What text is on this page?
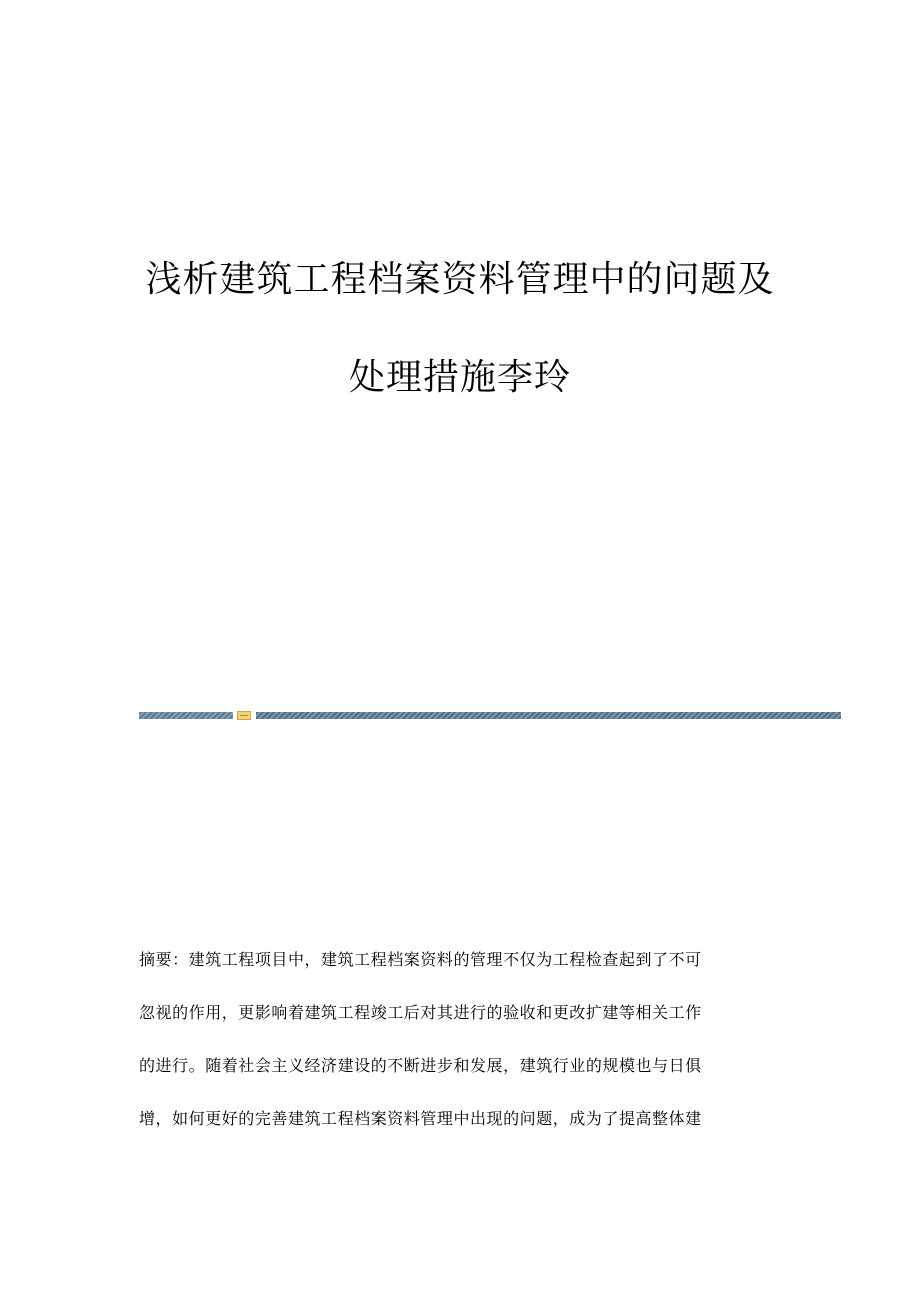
浅析建筑工程档案资料管理中的问题及
处理措施李玲
摘要：建筑工程项目中，建筑工程档案资料的管理不仅为工程检查起到了不可
忽视的作用，更影响着建筑工程竣工后对其进行的验收和更改扩建等相关工作
的进行。随着社会主义经济建设的不断进步和发展，建筑行业的规模也与日俱
增，如何更好的完善建筑工程档案资料管理中出现的问题，成为了提高整体建
